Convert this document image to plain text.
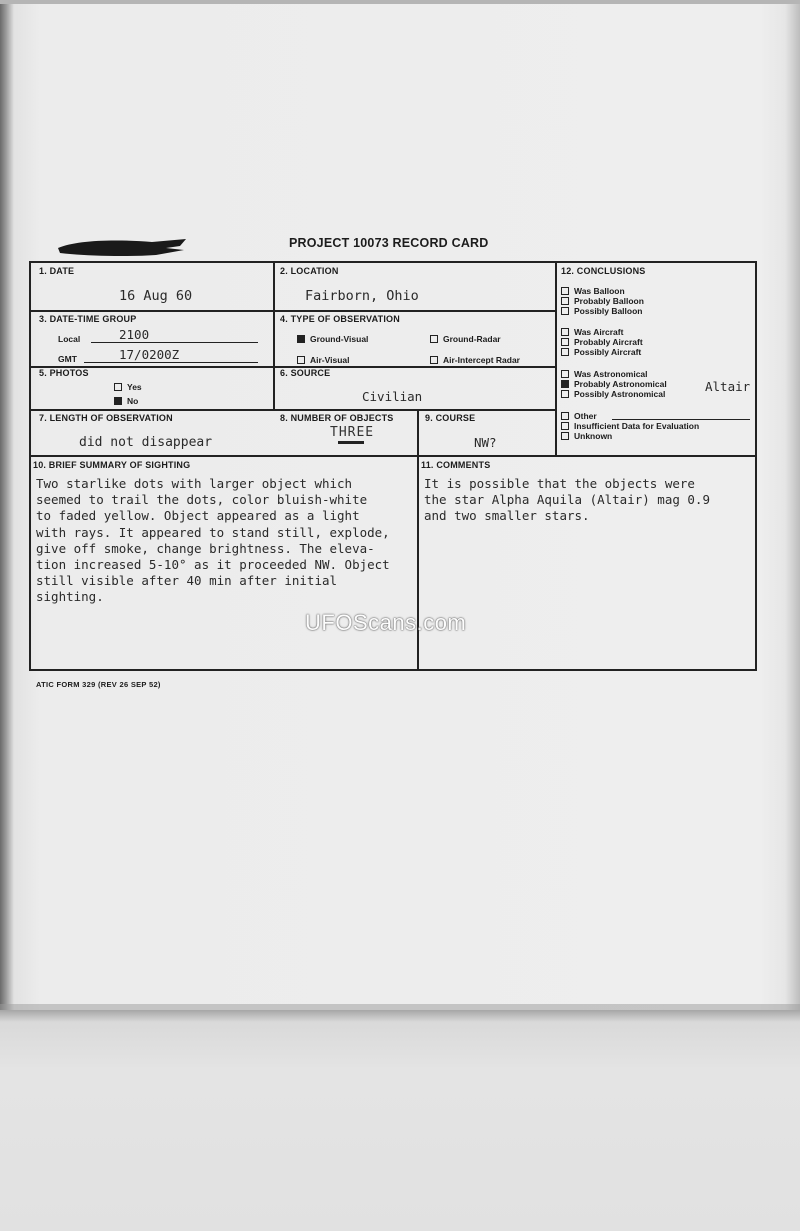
PROJECT 10073 RECORD CARD
1. DATE
16 Aug 60
2. LOCATION
Fairborn, Ohio
3. DATE-TIME GROUP
Local	2100
GMT	17/0200Z
4. TYPE OF OBSERVATION
Ground-Visual	Ground-Radar
Air-Visual	Air-Intercept Radar
5. PHOTOS
Yes
No
6. SOURCE
Civilian
7. LENGTH OF OBSERVATION
did not disappear
8. NUMBER OF OBJECTS
THREE
9. COURSE
NW?
12. CONCLUSIONS
Was Balloon
Probably Balloon
Possibly Balloon
Was Aircraft
Probably Aircraft
Possibly Aircraft
Was Astronomical
Probably Astronomical
Possibly Astronomical	Altair
Other
Insufficient Data for Evaluation
Unknown
10. BRIEF SUMMARY OF SIGHTING
Two starlike dots with larger object which
seemed to trail the dots, color bluish-white
to faded yellow. Object appeared as a light
with rays. It appeared to stand still, explode,
give off smoke, change brightness. The eleva-
tion increased 5-10° as it proceeded NW. Object
still visible after 40 min after initial
sighting.
11. COMMENTS
It is possible that the objects were
the star Alpha Aquila (Altair) mag 0.9
and two smaller stars.
UFOScans.com
ATIC FORM 329 (REV 26 SEP 52)
